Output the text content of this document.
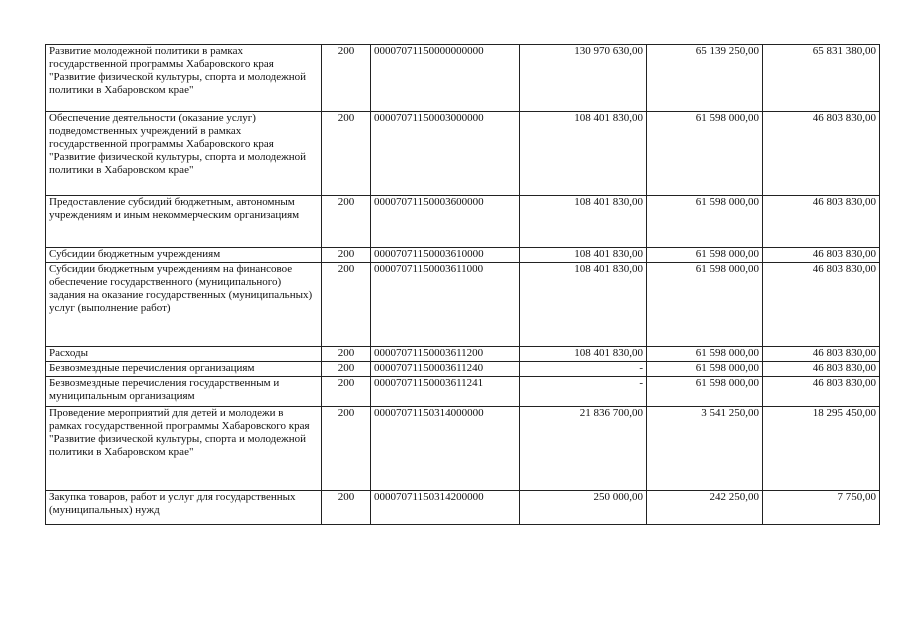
Развитие молодежной политики в рамках государственной программы Хабаровского края "Развитие физической культуры, спорта и молодежной политики в Хабаровском крае"	200	00007071150000000000	130 970 630,00	65 139 250,00	65 831 380,00
Обеспечение деятельности (оказание услуг) подведомственных учреждений в рамках государственной программы Хабаровского края "Развитие физической культуры, спорта и молодежной политики в Хабаровском крае"	200	00007071150003000000	108 401 830,00	61 598 000,00	46 803 830,00
Предоставление субсидий бюджетным, автономным учреждениям и иным некоммерческим организациям	200	00007071150003600000	108 401 830,00	61 598 000,00	46 803 830,00
Субсидии бюджетным учреждениям	200	00007071150003610000	108 401 830,00	61 598 000,00	46 803 830,00
Субсидии бюджетным учреждениям на финансовое обеспечение государственного (муниципального) задания на оказание государственных (муниципальных) услуг (выполнение работ)	200	00007071150003611000	108 401 830,00	61 598 000,00	46 803 830,00
Расходы	200	00007071150003611200	108 401 830,00	61 598 000,00	46 803 830,00
Безвозмездные перечисления организациям	200	00007071150003611240	-	61 598 000,00	46 803 830,00
Безвозмездные перечисления государственным и муниципальным организациям	200	00007071150003611241	-	61 598 000,00	46 803 830,00
Проведение мероприятий для детей и молодежи в рамках государственной программы Хабаровского края "Развитие физической культуры, спорта и молодежной политики в Хабаровском крае"	200	00007071150314000000	21 836 700,00	3 541 250,00	18 295 450,00
Закупка товаров, работ и услуг для государственных (муниципальных) нужд	200	00007071150314200000	250 000,00	242 250,00	7 750,00
